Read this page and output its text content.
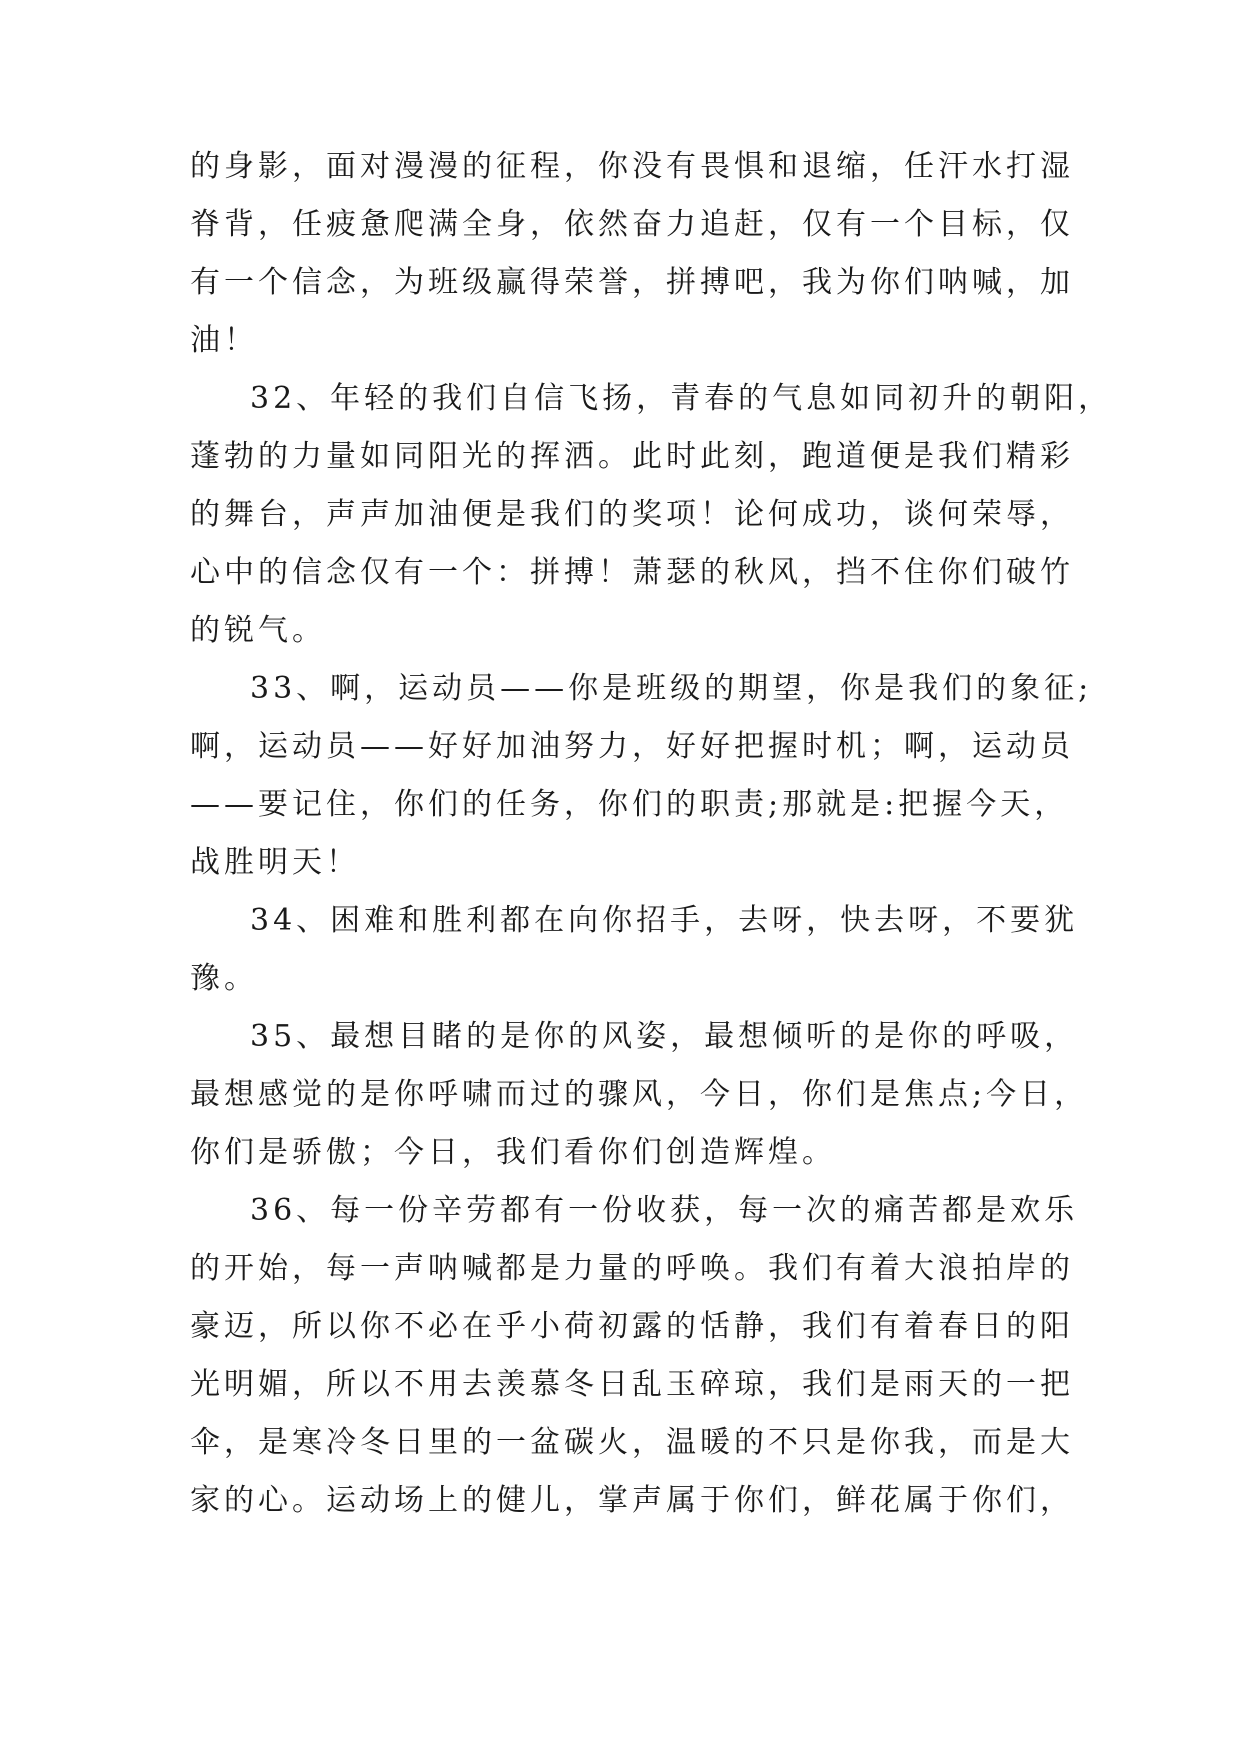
的身影，面对漫漫的征程，你没有畏惧和退缩，任汗水打湿
脊背，任疲惫爬满全身，依然奋力追赶，仅有一个目标，仅
有一个信念，为班级赢得荣誉，拼搏吧，我为你们呐喊，加
油！
32、年轻的我们自信飞扬，青春的气息如同初升的朝阳，
蓬勃的力量如同阳光的挥洒。此时此刻，跑道便是我们精彩
的舞台，声声加油便是我们的奖项！论何成功，谈何荣辱，
心中的信念仅有一个：拼搏！萧瑟的秋风，挡不住你们破竹
的锐气。
33、啊，运动员——你是班级的期望，你是我们的象征;
啊，运动员——好好加油努力，好好把握时机；啊，运动员
——要记住，你们的任务，你们的职责;那就是:把握今天，
战胜明天！
34、困难和胜利都在向你招手，去呀，快去呀，不要犹
豫。
35、最想目睹的是你的风姿，最想倾听的是你的呼吸，
最想感觉的是你呼啸而过的骤风，今日，你们是焦点;今日，
你们是骄傲；今日，我们看你们创造辉煌。
36、每一份辛劳都有一份收获，每一次的痛苦都是欢乐
的开始，每一声呐喊都是力量的呼唤。我们有着大浪拍岸的
豪迈，所以你不必在乎小荷初露的恬静，我们有着春日的阳
光明媚，所以不用去羡慕冬日乱玉碎琼，我们是雨天的一把
伞，是寒冷冬日里的一盆碳火，温暖的不只是你我，而是大
家的心。运动场上的健儿，掌声属于你们，鲜花属于你们，
